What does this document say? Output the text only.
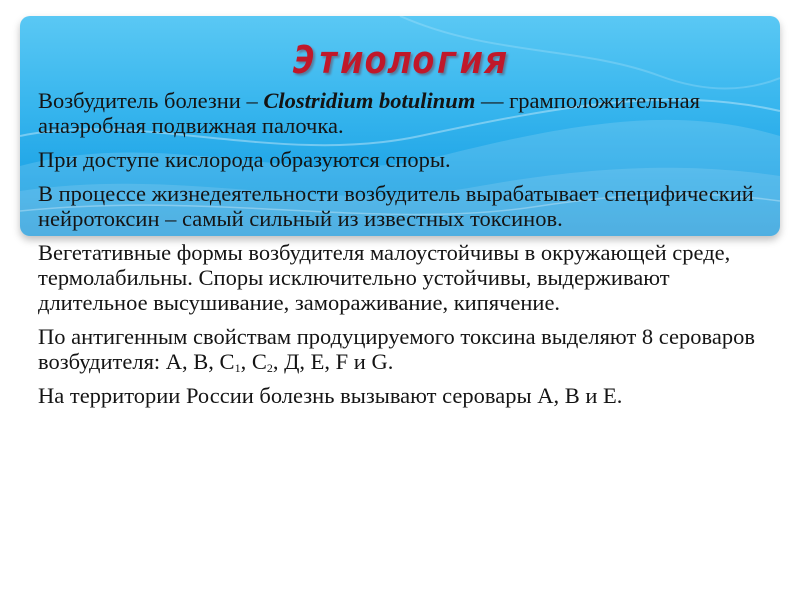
Этиология

Возбудитель болезни – Clostridium botulinum — грамположительная анаэробная подвижная палочка.

При доступе кислорода образуются споры.

В процессе жизнедеятельности возбудитель вырабатывает специфический нейротоксин – самый сильный из известных токсинов.

Вегетативные формы возбудителя малоустойчивы в окружающей среде, термолабильны. Споры исключительно устойчивы, выдерживают длительное высушивание, замораживание, кипячение.

По антигенным свойствам продуцируемого токсина выделяют 8 сероваров возбудителя: А, В, $С_1$, $С_2$, Д, Е, F и G.

На территории России болезнь вызывают серовары А, В и Е.
